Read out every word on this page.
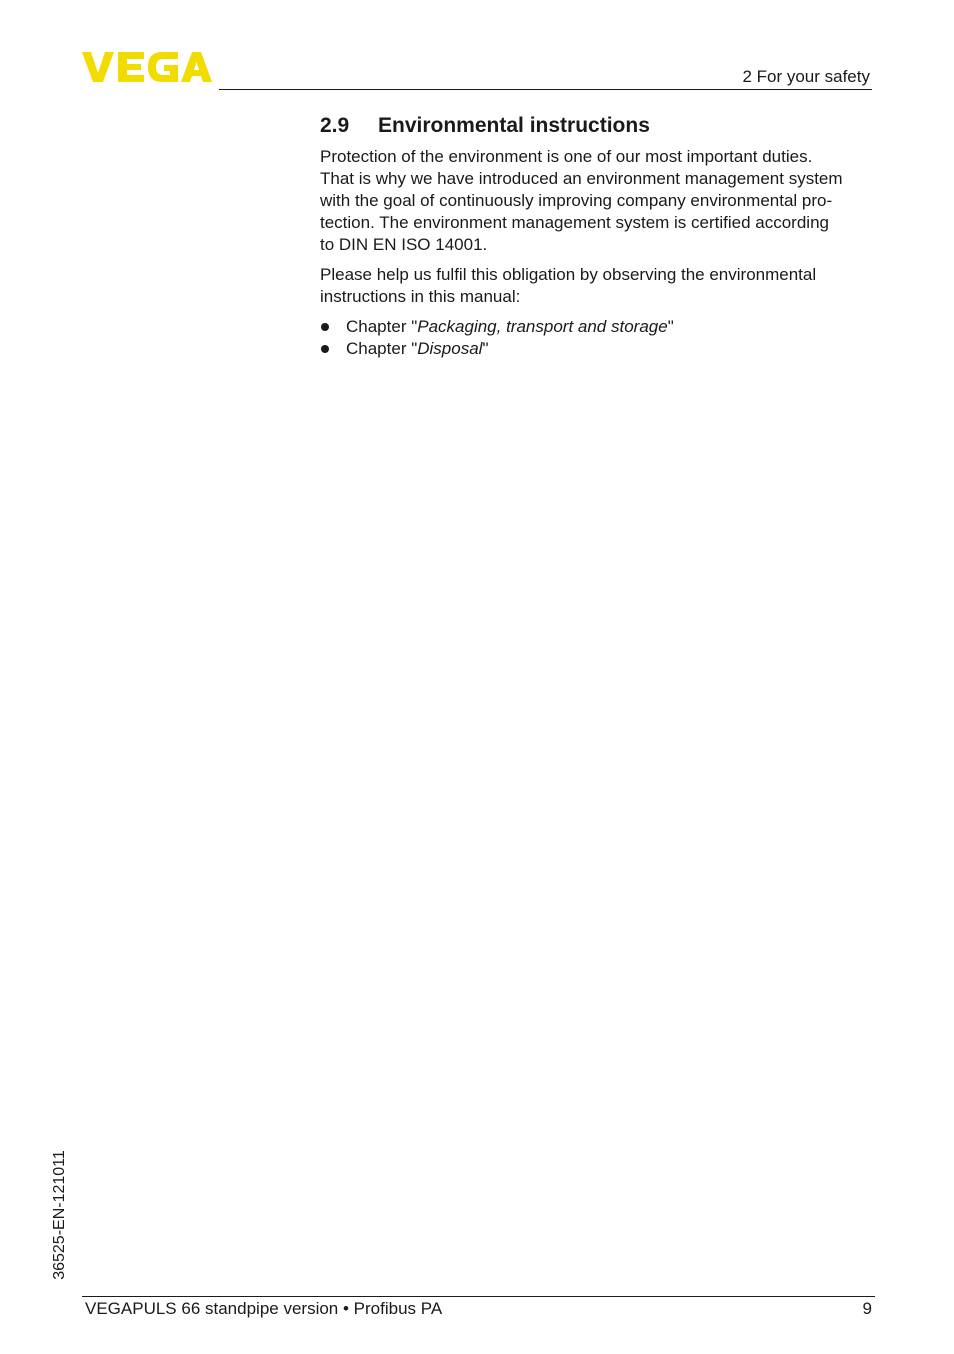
2 For your safety
2.9 Environmental instructions

Protection of the environment is one of our most important duties.
That is why we have introduced an environment management system
with the goal of continuously improving company environmental pro-
tection. The environment management system is certified according
to DIN EN ISO 14001.

Please help us fulfil this obligation by observing the environmental
instructions in this manual:

Chapter "Packaging, transport and storage"
Chapter "Disposal"
36525-EN-121011
VEGAPULS 66 standpipe version • Profibus PA	9
